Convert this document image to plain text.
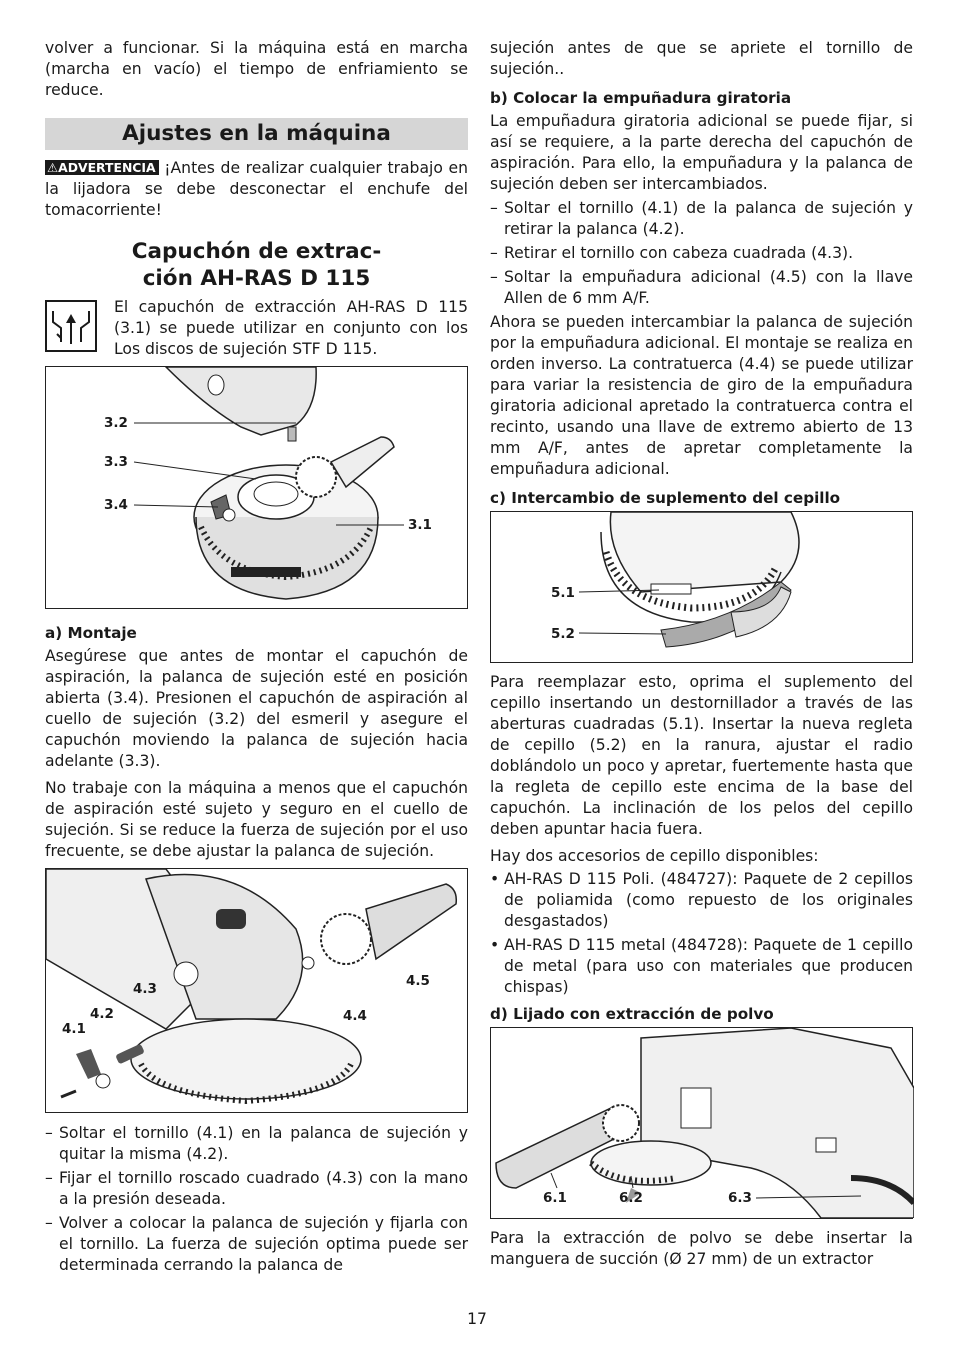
volver a funcionar. Si la máquina está en marcha (marcha en vacío) el tiempo de enfriamiento se reduce.

Ajustes en la máquina

⚠ADVERTENCIA ¡Antes de realizar cualquier trabajo en la lijadora se debe desconectar el enchufe del tomacorriente!

Capuchón de extrac-
ción AH-RAS D 115

El capuchón de extracción AH-RAS D 115 (3.1) se puede utilizar en conjunto con los Los discos de sujeción STF D 115.

3.2
3.3
3.4
3.1
a) Montaje

Asegúrese que antes de montar el capuchón de aspiración, la palanca de sujeción esté en posición abierta (3.4). Presionen el capuchón de aspiración al cuello de sujeción (3.2) del esmeril y asegure el capuchón moviendo la palanca de sujeción hacia adelante (3.3).

No trabaje con la máquina a menos que el capuchón de aspiración esté sujeto y seguro en el cuello de sujeción. Si se reduce la fuerza de sujeción por el uso frecuente, se debe ajustar la palanca de sujeción.

4.3
4.2
4.1
4.4
4.5
– Soltar el tornillo (4.1) en la palanca de sujeción y quitar la misma (4.2).
– Fijar el tornillo roscado cuadrado (4.3) con la mano a la presión deseada.
– Volver a colocar la palanca de sujeción y fijarla con el tornillo. La fuerza de sujeción optima puede ser determinada cerrando la palanca de

sujeción antes de que se apriete el tornillo de sujeción..

b) Colocar la empuñadura giratoria

La empuñadura giratoria adicional se puede fijar, si así se requiere, a la parte derecha del capuchón de aspiración. Para ello, la empuñadura y la palanca de sujeción deben ser intercambiados.

– Soltar el tornillo (4.1) de la palanca de sujeción y retirar la palanca (4.2).
– Retirar el tornillo con cabeza cuadrada (4.3).
– Soltar la empuñadura adicional (4.5) con la llave Allen de 6 mm A/F.

Ahora se pueden intercambiar la palanca de sujeción por la empuñadura adicional. El montaje se realiza en orden inverso. La contratuerca (4.4) se puede utilizar para variar la resistencia de giro de la empuñadura giratoria adicional apretado la contratuerca contra el recinto, usando una llave de extremo abierto de 13 mm A/F, antes de apretar completamente la empuñadura adicional.

c) Intercambio de suplemento del cepillo
5.1
5.2

Para reemplazar esto, oprima el suplemento del cepillo insertando un destornillador a través de las aberturas cuadradas (5.1). Insertar la nueva regleta de cepillo (5.2) en la ranura, ajustar el radio doblándolo un poco y apretar, fuertemente hasta que la regleta de cepillo este encima de la base del capuchón. La inclinación de los pelos del cepillo deben apuntar hacia fuera.

Hay dos accesorios de cepillo disponibles:

• AH-RAS D 115 Poli. (484727): Paquete de 2 cepillos de poliamida (como repuesto de los originales desgastados)
• AH-RAS D 115 metal (484728): Paquete de 1 cepillo de metal (para uso con materiales que producen chispas)
d) Lijado con extracción de polvo
6.1	6.2	6.3

Para la extracción de polvo se debe insertar la manguera de succión (Ø 27 mm) de un extractor

17
